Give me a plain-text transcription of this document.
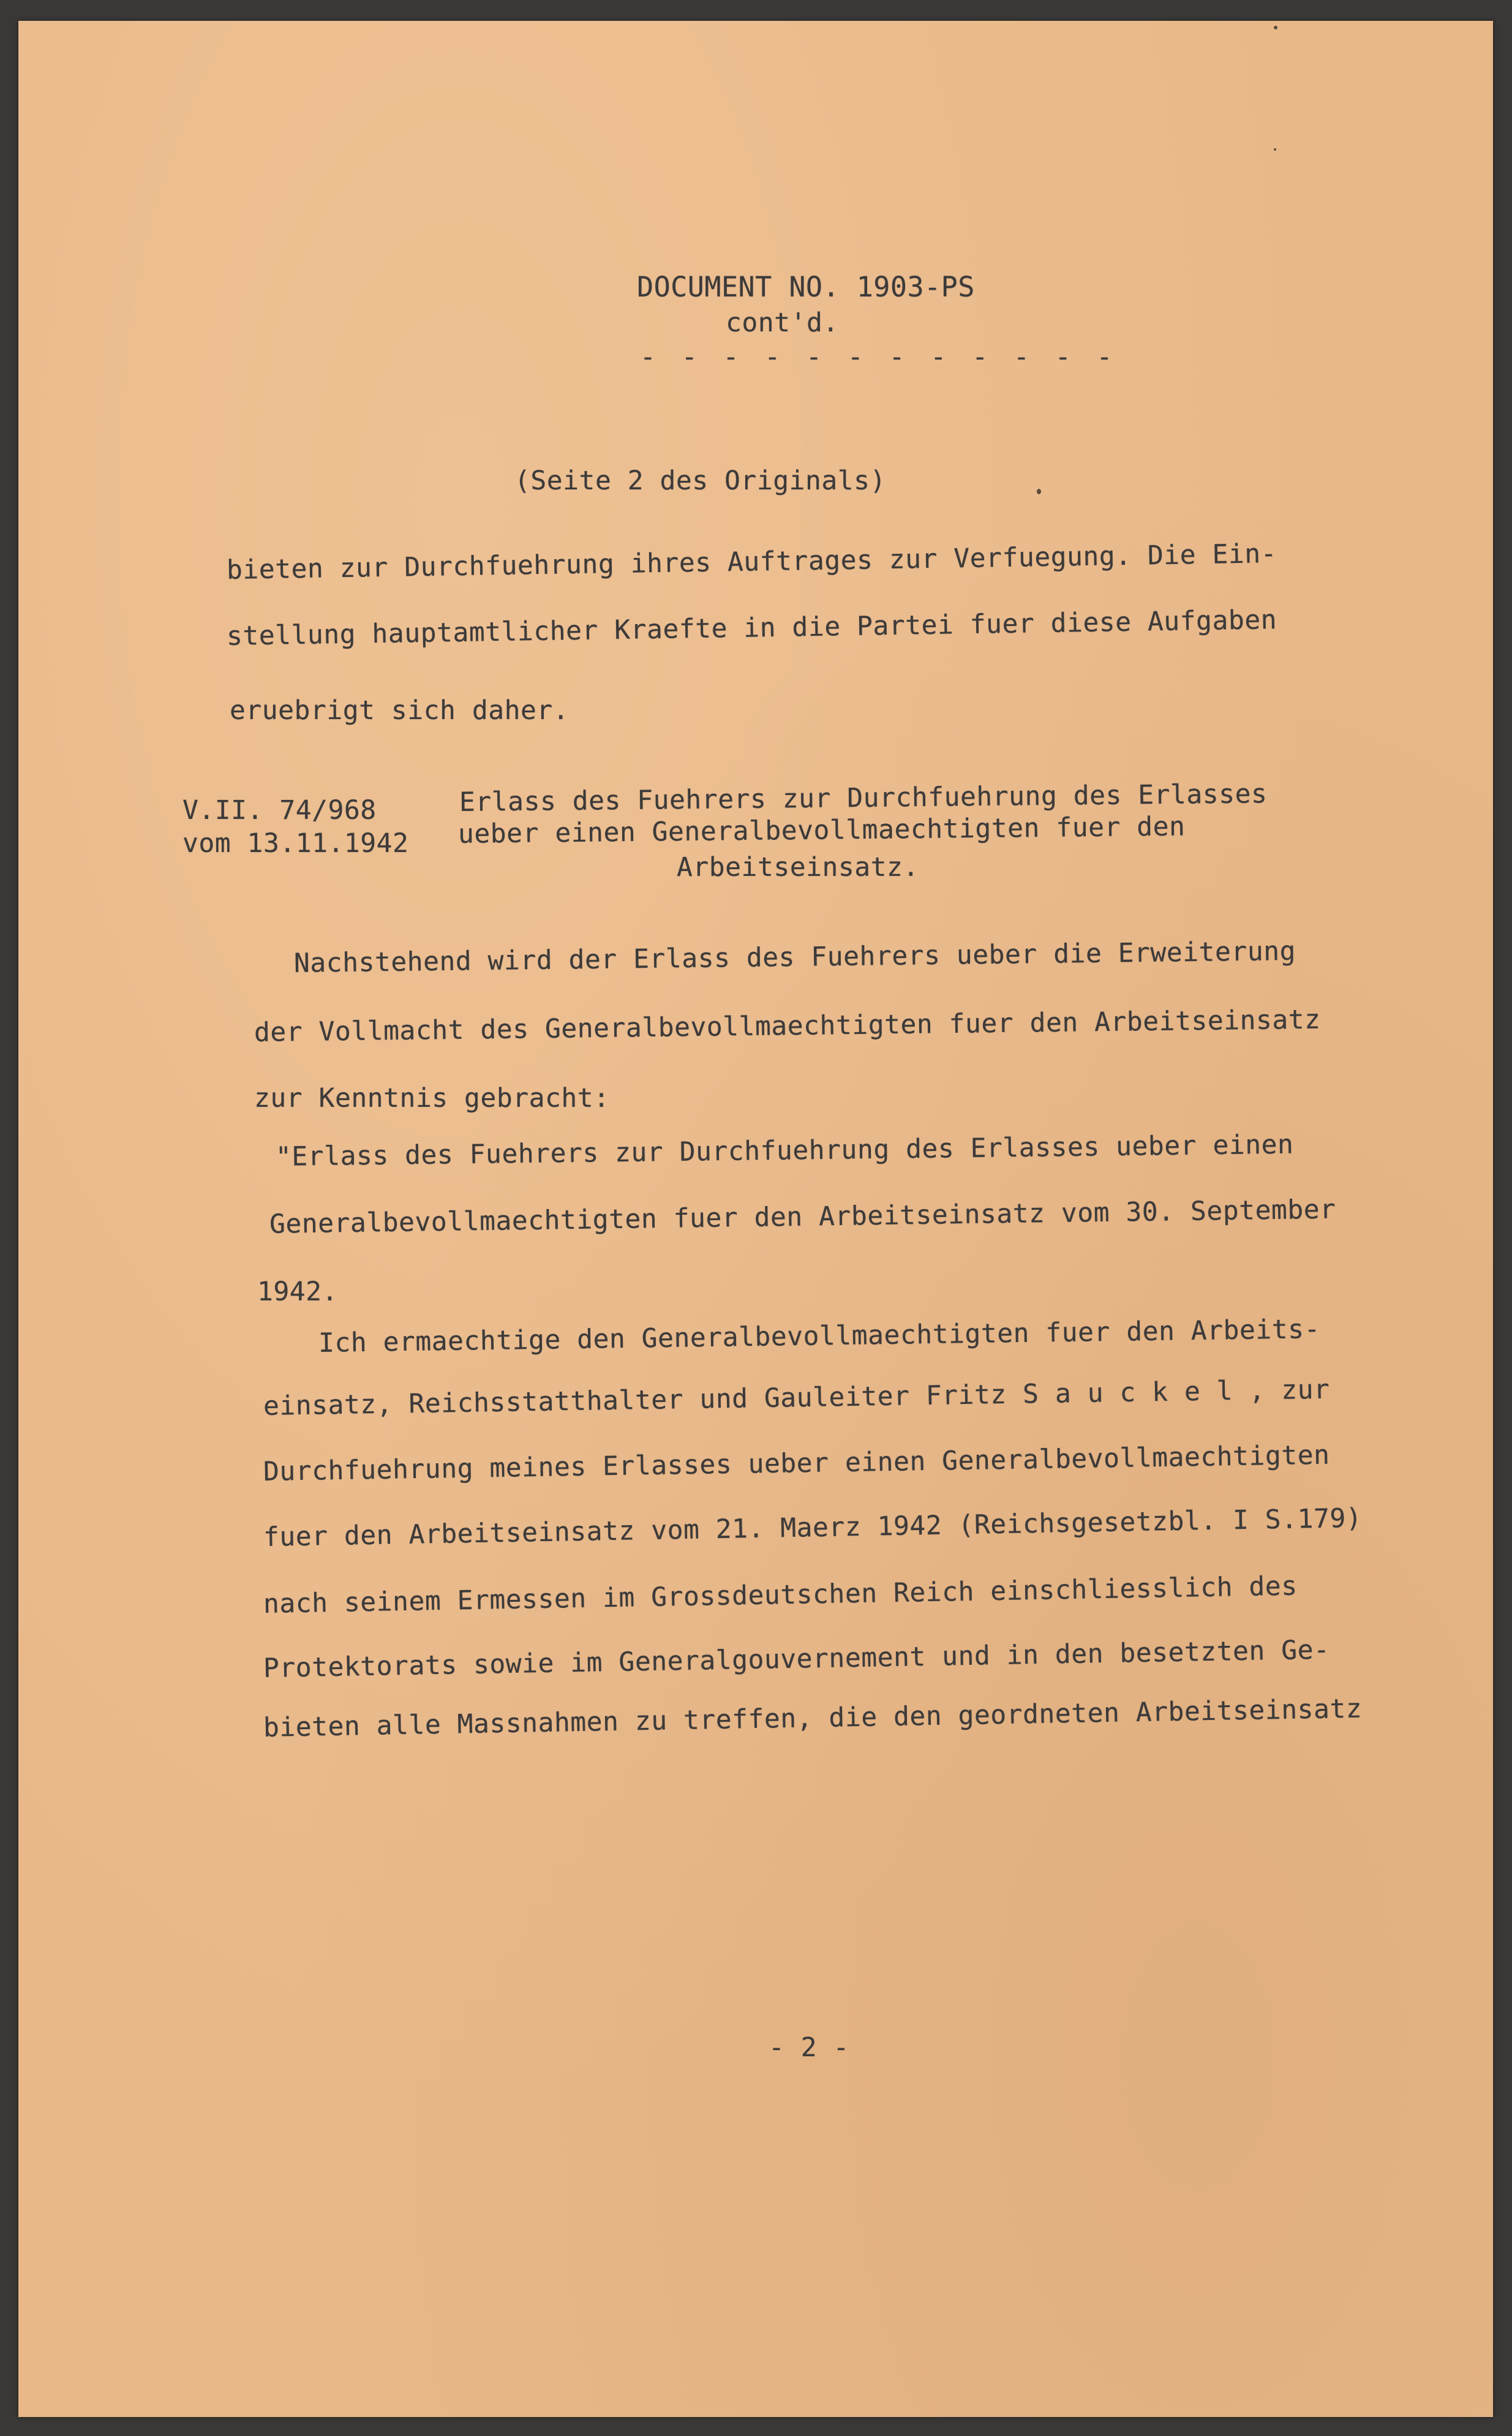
DOCUMENT NO. 1903-PS
cont'd.
- - - - - - - - - - - -
(Seite 2 des Originals)
bieten zur Durchfuehrung ihres Auftrages zur Verfuegung. Die Ein-
stellung hauptamtlicher Kraefte in die Partei fuer diese Aufgaben
eruebrigt sich daher.
V.II. 74/968
vom 13.11.1942
Erlass des Fuehrers zur Durchfuehrung des Erlasses
ueber einen Generalbevollmaechtigten fuer den
Arbeitseinsatz.
Nachstehend wird der Erlass des Fuehrers ueber die Erweiterung
der Vollmacht des Generalbevollmaechtigten fuer den Arbeitseinsatz
zur Kenntnis gebracht:
"Erlass des Fuehrers zur Durchfuehrung des Erlasses ueber einen
Generalbevollmaechtigten fuer den Arbeitseinsatz vom 30. September
1942.
Ich ermaechtige den Generalbevollmaechtigten fuer den Arbeits-
einsatz, Reichsstatthalter und Gauleiter Fritz S a u c k e l , zur
Durchfuehrung meines Erlasses ueber einen Generalbevollmaechtigten
fuer den Arbeitseinsatz vom 21. Maerz 1942 (Reichsgesetzbl. I S.179)
nach seinem Ermessen im Grossdeutschen Reich einschliesslich des
Protektorats sowie im Generalgouvernement und in den besetzten Ge-
bieten alle Massnahmen zu treffen, die den geordneten Arbeitseinsatz
- 2 -
